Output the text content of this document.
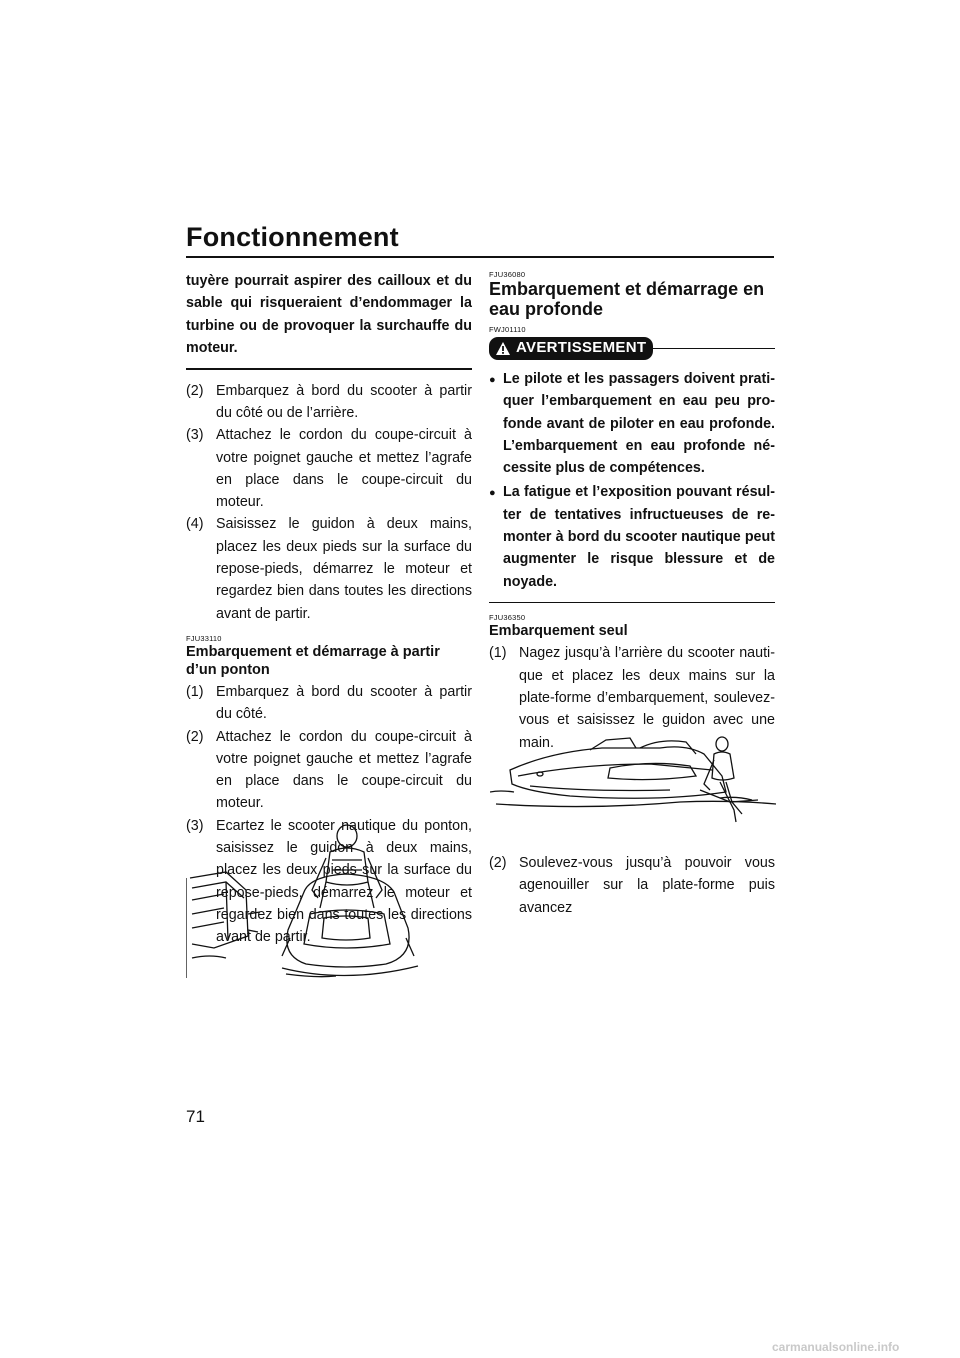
Fonctionnement

tuyère pourrait aspirer des cailloux et du sable qui risqueraient d’endommager la turbine ou de provoquer la surchauffe du moteur.

(2) Embarquez à bord du scooter à partir du côté ou de l’arrière.
(3) Attachez le cordon du coupe-circuit à votre poignet gauche et mettez l’agrafe en place dans le coupe-circuit du moteur.
(4) Saisissez le guidon à deux mains, placez les deux pieds sur la surface du repose-pieds, démarrez le moteur et regardez bien dans toutes les directions avant de partir.
FJU33110
Embarquement et démarrage à partir d’un ponton
(1) Embarquez à bord du scooter à partir du côté.
(2) Attachez le cordon du coupe-circuit à votre poignet gauche et mettez l’agrafe en place dans le coupe-circuit du moteur.
(3) Ecartez le scooter nautique du ponton, saisissez le guidon à deux mains, placez les deux pieds sur la surface du repose-pieds, démarrez le moteur et regardez bien dans toutes les directions avant de partir.
FJU36080
Embarquement et démarrage en eau profonde
FWJ01110
AVERTISSEMENT
● Le pilote et les passagers doivent pratiquer l’embarquement en eau peu profonde avant de piloter en eau profonde. L’embarquement en eau profonde nécessite plus de compétences.
● La fatigue et l’exposition pouvant résulter de tentatives infructueuses de remonter à bord du scooter nautique peut augmenter le risque blessure et de noyade.
FJU36350
Embarquement seul
(1) Nagez jusqu’à l’arrière du scooter nautique et placez les deux mains sur la plate-forme d’embarquement, soulevez-vous et saisissez le guidon avec une main.
(2) Soulevez-vous jusqu’à pouvoir vous agenouiller sur la plate-forme puis avancez

71

carmanualsonline.info
